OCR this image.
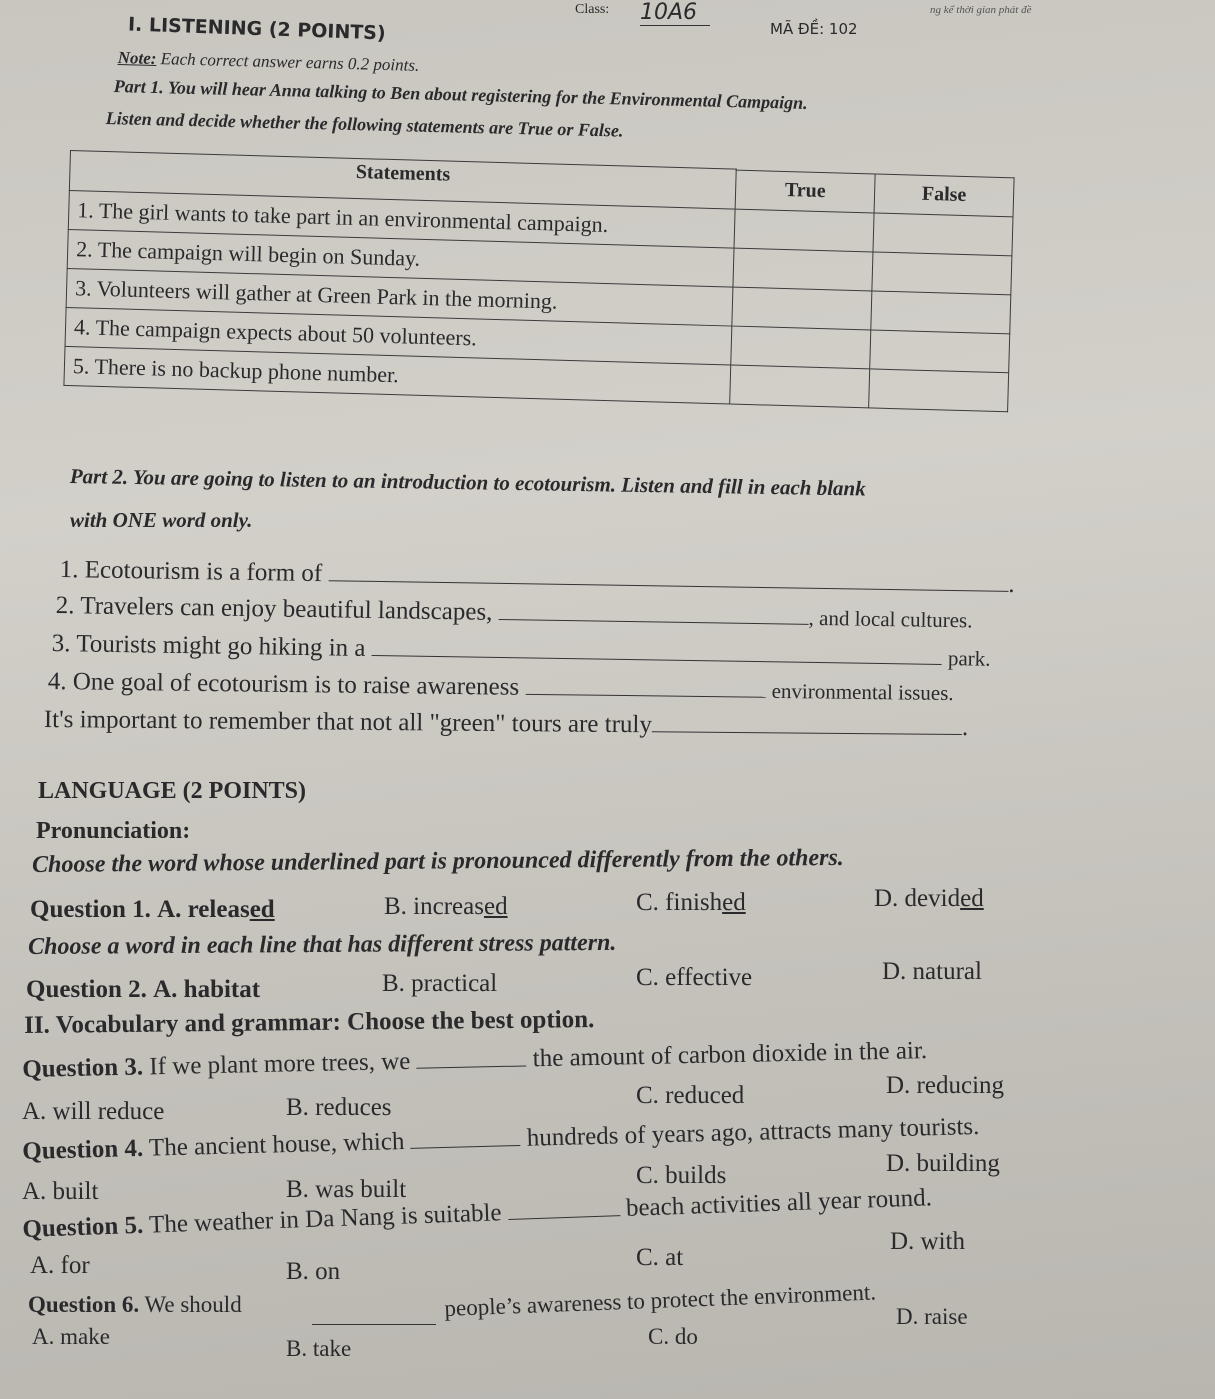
Class: 10A6
MÃ ĐỀ: 102
ng kể thời gian phát đề
I. LISTENING (2 POINTS)
Note: Each correct answer earns 0.2 points.
Part 1. You will hear Anna talking to Ben about registering for the Environmental Campaign.
Listen and decide whether the following statements are True or False.
Statements		
	True	False
1. The girl wants to take part in an environmental campaign.		
2. The campaign will begin on Sunday.		
3. Volunteers will gather at Green Park in the morning.		
4. The campaign expects about 50 volunteers.		
5. There is no backup phone number.		
Part 2. You are going to listen to an introduction to ecotourism. Listen and fill in each blank
with ONE word only.
1. Ecotourism is a form of	.
2. Travelers can enjoy beautiful landscapes,	, and local cultures.
3. Tourists might go hiking in a	park.
4. One goal of ecotourism is to raise awareness	environmental issues.
It's important to remember that not all "green" tours are truly	.
LANGUAGE (2 POINTS)
Pronunciation:
Choose the word whose underlined part is pronounced differently from the others.
Question 1. A. released	B. increased	C. finished	D. devided
Choose a word in each line that has different stress pattern.
Question 2. A. habitat	B. practical	C. effective	D. natural
II. Vocabulary and grammar: Choose the best option.
Question 3. If we plant more trees, we	the amount of carbon dioxide in the air.
A. will reduce	B. reduces	C. reduced	D. reducing
Question 4. The ancient house, which	hundreds of years ago, attracts many tourists.
A. built	B. was built
C. builds	D. building
Question 5. The weather in Da Nang is suitable	beach activities all year round.
A. for	B. on
C. at
D. with
Question 6. We should	people’s awareness to protect the environment.
A. make	B. take	C. do
D. raise
